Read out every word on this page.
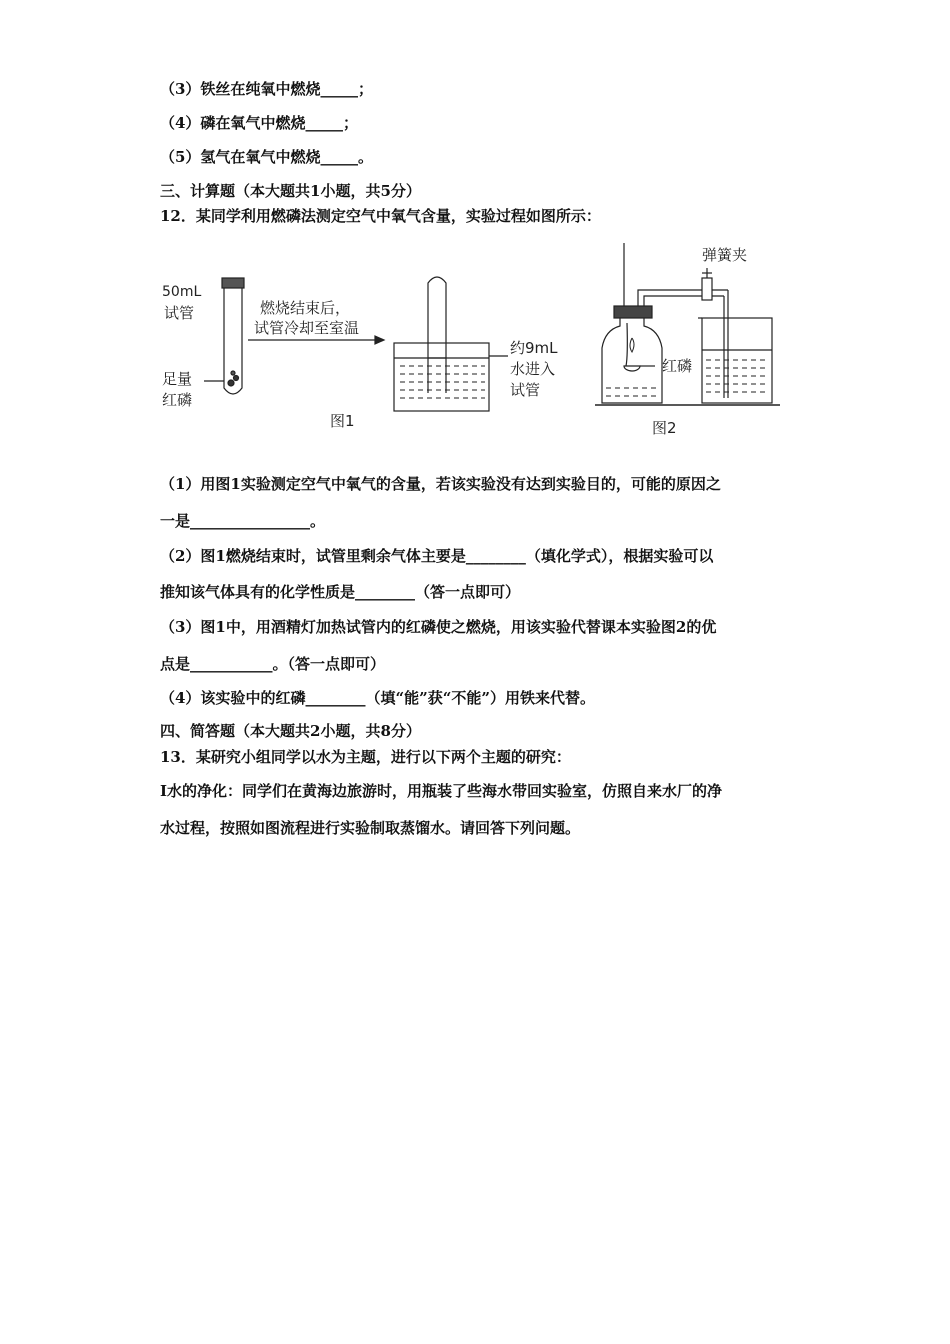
（3）铁丝在纯氧中燃烧_____；
（4）磷在氧气中燃烧_____；
（5）氢气在氧气中燃烧_____。
三、计算题（本大题共1小题，共5分）
12．某同学利用燃磷法测定空气中氧气含量，实验过程如图所示：
50mL
试管
足量
红磷
燃烧结束后，
试管冷却至室温
约9mL
水进入
试管
图1
弹簧夹
红磷
图2
（1）用图1实验测定空气中氧气的含量，若该实验没有达到实验目的，可能的原因之
一是________________。
（2）图1燃烧结束时，试管里剩余气体主要是________（填化学式），根据实验可以
推知该气体具有的化学性质是________（答一点即可）
（3）图1中，用酒精灯加热试管内的红磷使之燃烧，用该实验代替课本实验图2的优
点是___________。（答一点即可）
（4）该实验中的红磷________（填“能”获“不能”）用铁来代替。
四、简答题（本大题共2小题，共8分）
13．某研究小组同学以水为主题，进行以下两个主题的研究：
I水的净化：同学们在黄海边旅游时，用瓶装了些海水带回实验室，仿照自来水厂的净
水过程，按照如图流程进行实验制取蒸馏水。请回答下列问题。
